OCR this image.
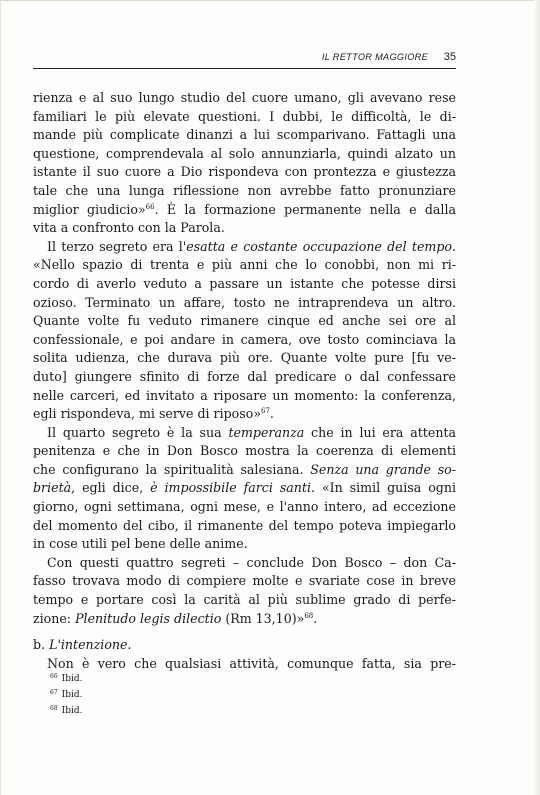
IL RETTOR MAGGIORE 35
rienza e al suo lungo studio del cuore umano, gli avevano rese
familiari le più elevate questioni. I dubbi, le difficoltà, le di-
mande più complicate dinanzi a lui scomparivano. Fattagli una
questione, comprendevala al solo annunziarla, quindi alzato un
istante il suo cuore a Dio rispondeva con prontezza e giustezza
tale che una lunga riflessione non avrebbe fatto pronunziare
miglior giudicio»$^{66}$. È la formazione permanente nella e dalla
vita a confronto con la Parola.
Il terzo segreto era l'esatta e costante occupazione del tempo.
«Nello spazio di trenta e più anni che lo conobbi, non mi ri-
cordo di averlo veduto a passare un istante che potesse dirsi
ozioso. Terminato un affare, tosto ne intraprendeva un altro.
Quante volte fu veduto rimanere cinque ed anche sei ore al
confessionale, e poi andare in camera, ove tosto cominciava la
solita udienza, che durava più ore. Quante volte pure [fu ve-
duto] giungere sfinito di forze dal predicare o dal confessare
nelle carceri, ed invitato a riposare un momento: la conferenza,
egli rispondeva, mi serve di riposo»$^{67}$.
Il quarto segreto è la sua temperanza che in lui era attenta
penitenza e che in Don Bosco mostra la coerenza di elementi
che configurano la spiritualità salesiana. Senza una grande so-
brietà, egli dice, è impossibile farci santi. «In simil guisa ogni
giorno, ogni settimana, ogni mese, e l'anno intero, ad eccezione
del momento del cibo, il rimanente del tempo poteva impiegarlo
in cose utili pel bene delle anime.
Con questi quattro segreti – conclude Don Bosco – don Ca-
fasso trovava modo di compiere molte e svariate cose in breve
tempo e portare così la carità al più sublime grado di perfe-
zione: Plenitudo legis dilectio (Rm 13,10)»$^{68}$.
b. L'intenzione.
Non è vero che qualsiasi attività, comunque fatta, sia pre-
$^{66}$ Ibid.
$^{67}$ Ibid.
$^{68}$ Ibid.
